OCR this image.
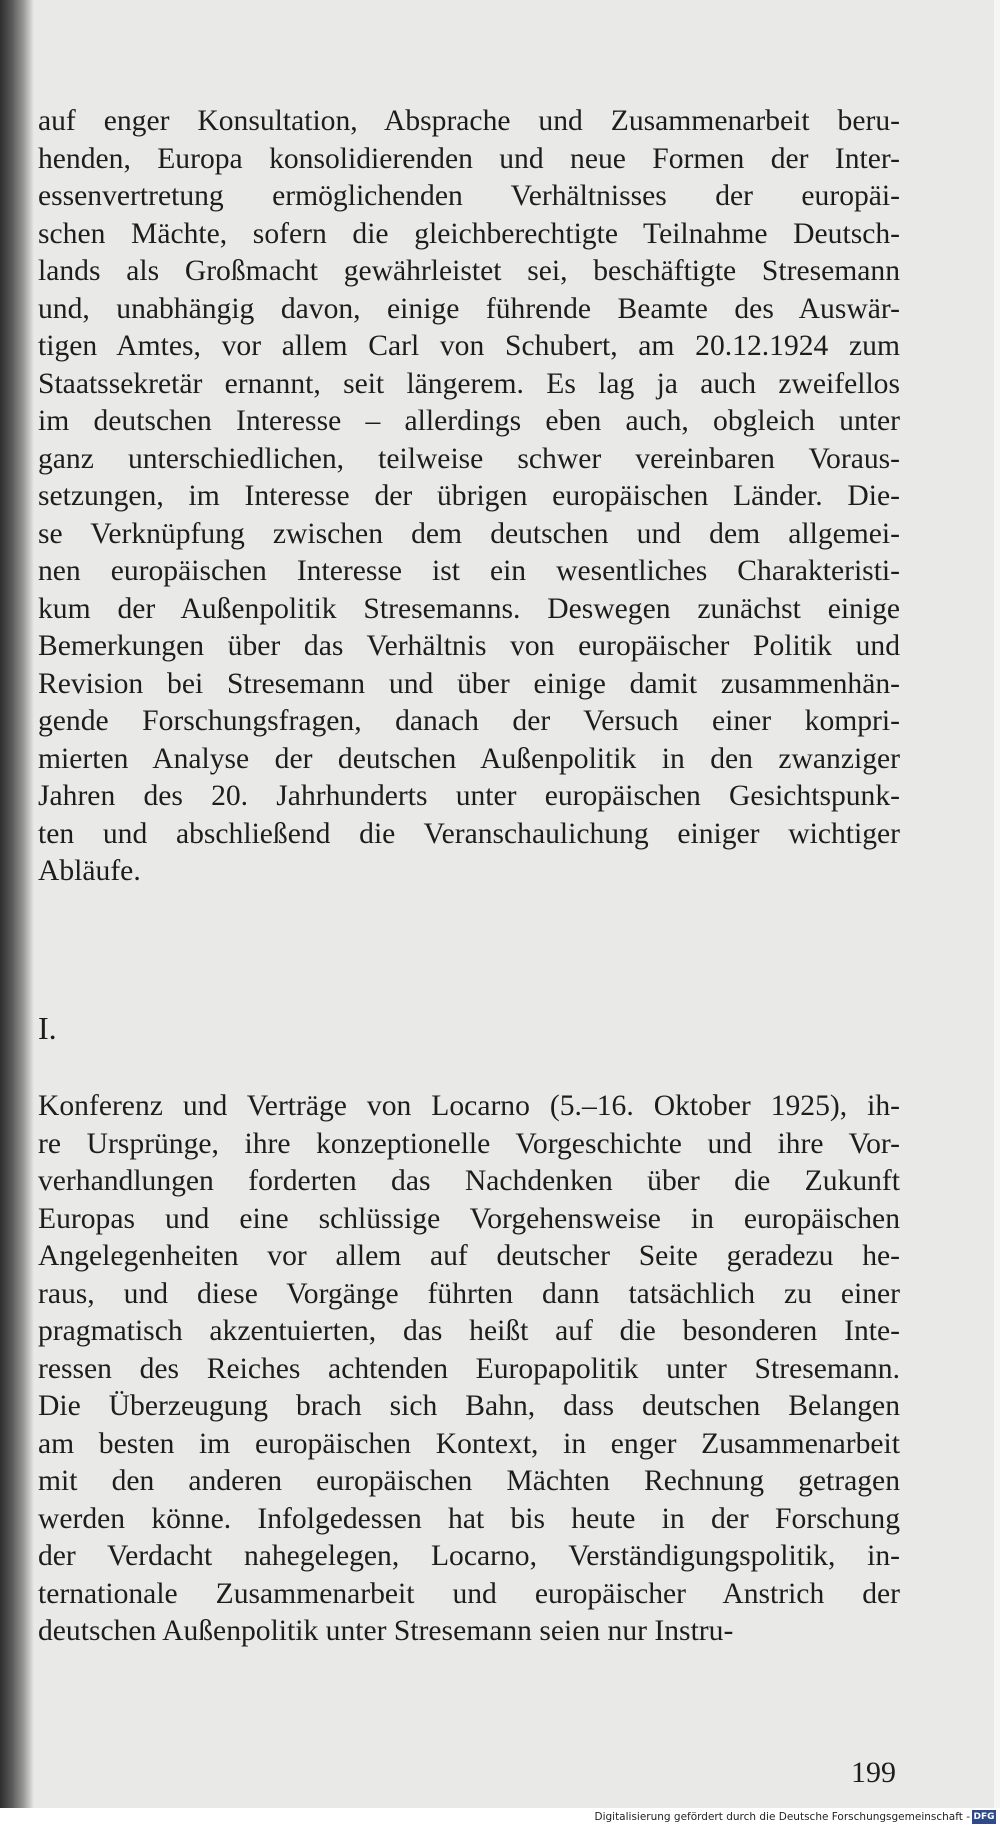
auf enger Konsultation, Absprache und Zusammenarbeit beru-
henden, Europa konsolidierenden und neue Formen der Inter-
essenvertretung ermöglichenden Verhältnisses der europäi-
schen Mächte, sofern die gleichberechtigte Teilnahme Deutsch-
lands als Großmacht gewährleistet sei, beschäftigte Stresemann
und, unabhängig davon, einige führende Beamte des Auswär-
tigen Amtes, vor allem Carl von Schubert, am 20.12.1924 zum
Staatssekretär ernannt, seit längerem. Es lag ja auch zweifellos
im deutschen Interesse – allerdings eben auch, obgleich unter
ganz unterschiedlichen, teilweise schwer vereinbaren Voraus-
setzungen, im Interesse der übrigen europäischen Länder. Die-
se Verknüpfung zwischen dem deutschen und dem allgemei-
nen europäischen Interesse ist ein wesentliches Charakteristi-
kum der Außenpolitik Stresemanns. Deswegen zunächst einige
Bemerkungen über das Verhältnis von europäischer Politik und
Revision bei Stresemann und über einige damit zusammenhän-
gende Forschungsfragen, danach der Versuch einer kompri-
mierten Analyse der deutschen Außenpolitik in den zwanziger
Jahren des 20. Jahrhunderts unter europäischen Gesichtspunk-
ten und abschließend die Veranschaulichung einiger wichtiger
Abläufe.
I.
Konferenz und Verträge von Locarno (5.–16. Oktober 1925), ih-
re Ursprünge, ihre konzeptionelle Vorgeschichte und ihre Vor-
verhandlungen forderten das Nachdenken über die Zukunft
Europas und eine schlüssige Vorgehensweise in europäischen
Angelegenheiten vor allem auf deutscher Seite geradezu he-
raus, und diese Vorgänge führten dann tatsächlich zu einer
pragmatisch akzentuierten, das heißt auf die besonderen Inte-
ressen des Reiches achtenden Europapolitik unter Stresemann.
Die Überzeugung brach sich Bahn, dass deutschen Belangen
am besten im europäischen Kontext, in enger Zusammenarbeit
mit den anderen europäischen Mächten Rechnung getragen
werden könne. Infolgedessen hat bis heute in der Forschung
der Verdacht nahegelegen, Locarno, Verständigungspolitik, in-
ternationale Zusammenarbeit und europäischer Anstrich der
deutschen Außenpolitik unter Stresemann seien nur Instru-
199
Digitalisierung gefördert durch die Deutsche Forschungsgemeinschaft - DFG
